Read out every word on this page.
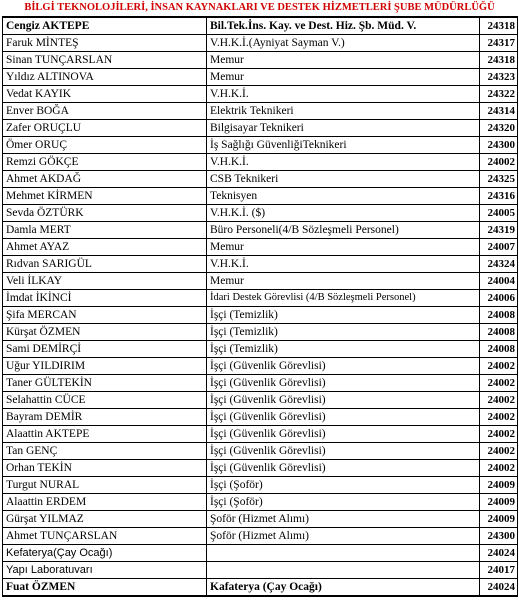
BİLGİ TEKNOLOJİLERİ, İNSAN KAYNAKLARI VE DESTEK HİZMETLERİ ŞUBE MÜDÜRLÜĞÜ
Cengiz AKTEPE	Bil.Tek.İns. Kay. ve Dest. Hiz. Şb. Müd. V.	24318
Faruk MİNTEŞ	V.H.K.İ.(Ayniyat Sayman V.)	24317
Sinan TUNÇARSLAN	Memur	24318
Yıldız ALTINOVA	Memur	24323
Vedat KAYIK	V.H.K.İ.	24322
Enver BOĞA	Elektrik Teknikeri	24314
Zafer ORUÇLU	Bilgisayar Teknikeri	24320
Ömer ORUÇ	İş Sağlığı GüvenliğiTeknikeri	24300
Remzi GÖKÇE	V.H.K.İ.	24002
Ahmet AKDAĞ	CSB Teknikeri	24325
Mehmet KİRMEN	Teknisyen	24316
Sevda ÖZTÜRK	V.H.K.İ. ($)	24005
Damla MERT	Büro Personeli(4/B Sözleşmeli Personel)	24319
Ahmet AYAZ	Memur	24007
Rıdvan SARIGÜL	V.H.K.İ.	24324
Veli İLKAY	Memur	24004
İmdat İKİNCİ	İdari Destek Görevlisi (4/B Sözleşmeli Personel)	24006
Şifa MERCAN	İşçi (Temizlik)	24008
Kürşat ÖZMEN	İşçi (Temizlik)	24008
Sami DEMİRÇİ	İşçi (Temizlik)	24008
Uğur YILDIRIM	İşçi (Güvenlik Görevlisi)	24002
Taner GÜLTEKİN	İşçi (Güvenlik Görevlisi)	24002
Selahattin CÜCE	İşçi (Güvenlik Görevlisi)	24002
Bayram DEMİR	İşçi (Güvenlik Görevlisi)	24002
Alaattin AKTEPE	İşçi (Güvenlik Görevlisi)	24002
Tan GENÇ	İşçi (Güvenlik Görevlisi)	24002
Orhan TEKİN	İşçi (Güvenlik Görevlisi)	24002
Turgut NURAL	İşçi (Şoför)	24009
Alaattin ERDEM	İşçi (Şoför)	24009
Gürşat YILMAZ	Şoför (Hizmet Alımı)	24009
Ahmet TUNÇARSLAN	Şoför (Hizmet Alımı)	24300
Kefaterya(Çay Ocağı)		24024
Yapı Laboratuvarı		24017
Fuat ÖZMEN	Kafaterya (Çay Ocağı)	24024
